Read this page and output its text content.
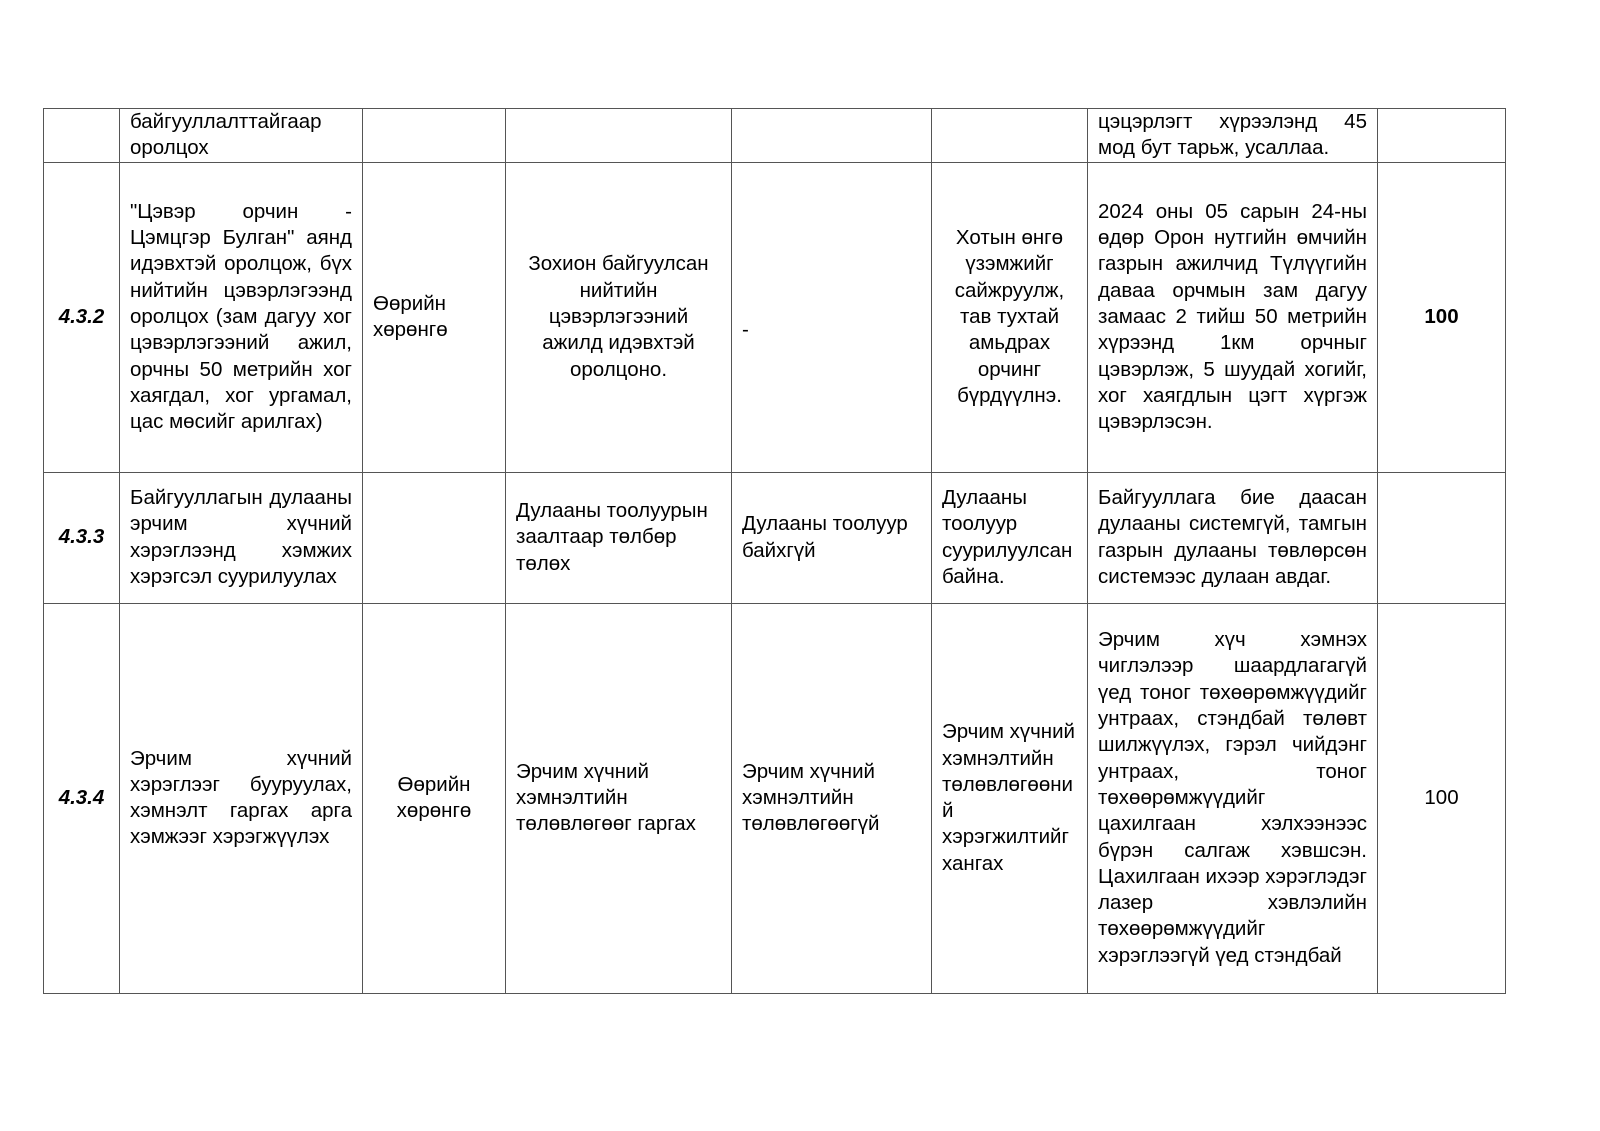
	байгууллалттайгаар оролцох					цэцэрлэгт хүрээлэнд 45 мод бут тарьж, усаллаа.	
4.3.2	"Цэвэр орчин - Цэмцгэр Булган" аянд идэвхтэй оролцож, бүх нийтийн цэвэрлэгээнд оролцох (зам дагуу хог цэвэрлэгээний ажил, орчны 50 метрийн хог хаягдал, хог ургамал, цас мөсийг арилгах)	Өөрийн хөрөнгө	Зохион байгуулсан нийтийн цэвэрлэгээний ажилд идэвхтэй оролцоно.	-	Хотын өнгө үзэмжийг сайжруулж, тав тухтай амьдрах орчинг бүрдүүлнэ.	2024 оны 05 сарын 24-ны өдөр Орон нутгийн өмчийн газрын ажилчид Түлүүгийн даваа орчмын зам дагуу замаас 2 тийш 50 метрийн хүрээнд 1км орчныг цэвэрлэж, 5 шуудай хогийг, хог хаягдлын цэгт хүргэж цэвэрлэсэн.	100
4.3.3	Байгууллагын дулааны эрчим хүчний хэрэглээнд хэмжих хэрэгсэл суурилуулах		Дулааны тоолуурын заалтаар төлбөр төлөх	Дулааны тоолуур байхгүй	Дулааны тоолуур суурилуулсан байна.	Байгууллага бие даасан дулааны системгүй, тамгын газрын дулааны төвлөрсөн системээс дулаан авдаг.	
4.3.4	Эрчим хүчний хэрэглээг бууруулах, хэмнэлт гаргах арга хэмжээг хэрэгжүүлэх	Өөрийн хөрөнгө	Эрчим хүчний хэмнэлтийн төлөвлөгөөг гаргах	Эрчим хүчний хэмнэлтийн төлөвлөгөөгүй	Эрчим хүчний хэмнэлтийн төлөвлөгөөний хэрэгжилтийг хангах	Эрчим хүч хэмнэх чиглэлээр шаардлагагүй үед тоног төхөөрөмжүүдийг унтраах, стэндбай төлөвт шилжүүлэх, гэрэл чийдэнг унтраах, тоног төхөөрөмжүүдийг цахилгаан хэлхээнээс бүрэн салгаж хэвшсэн. Цахилгаан ихээр хэрэглэдэг лазер хэвлэлийн төхөөрөмжүүдийг хэрэглээгүй үед стэндбай	100
